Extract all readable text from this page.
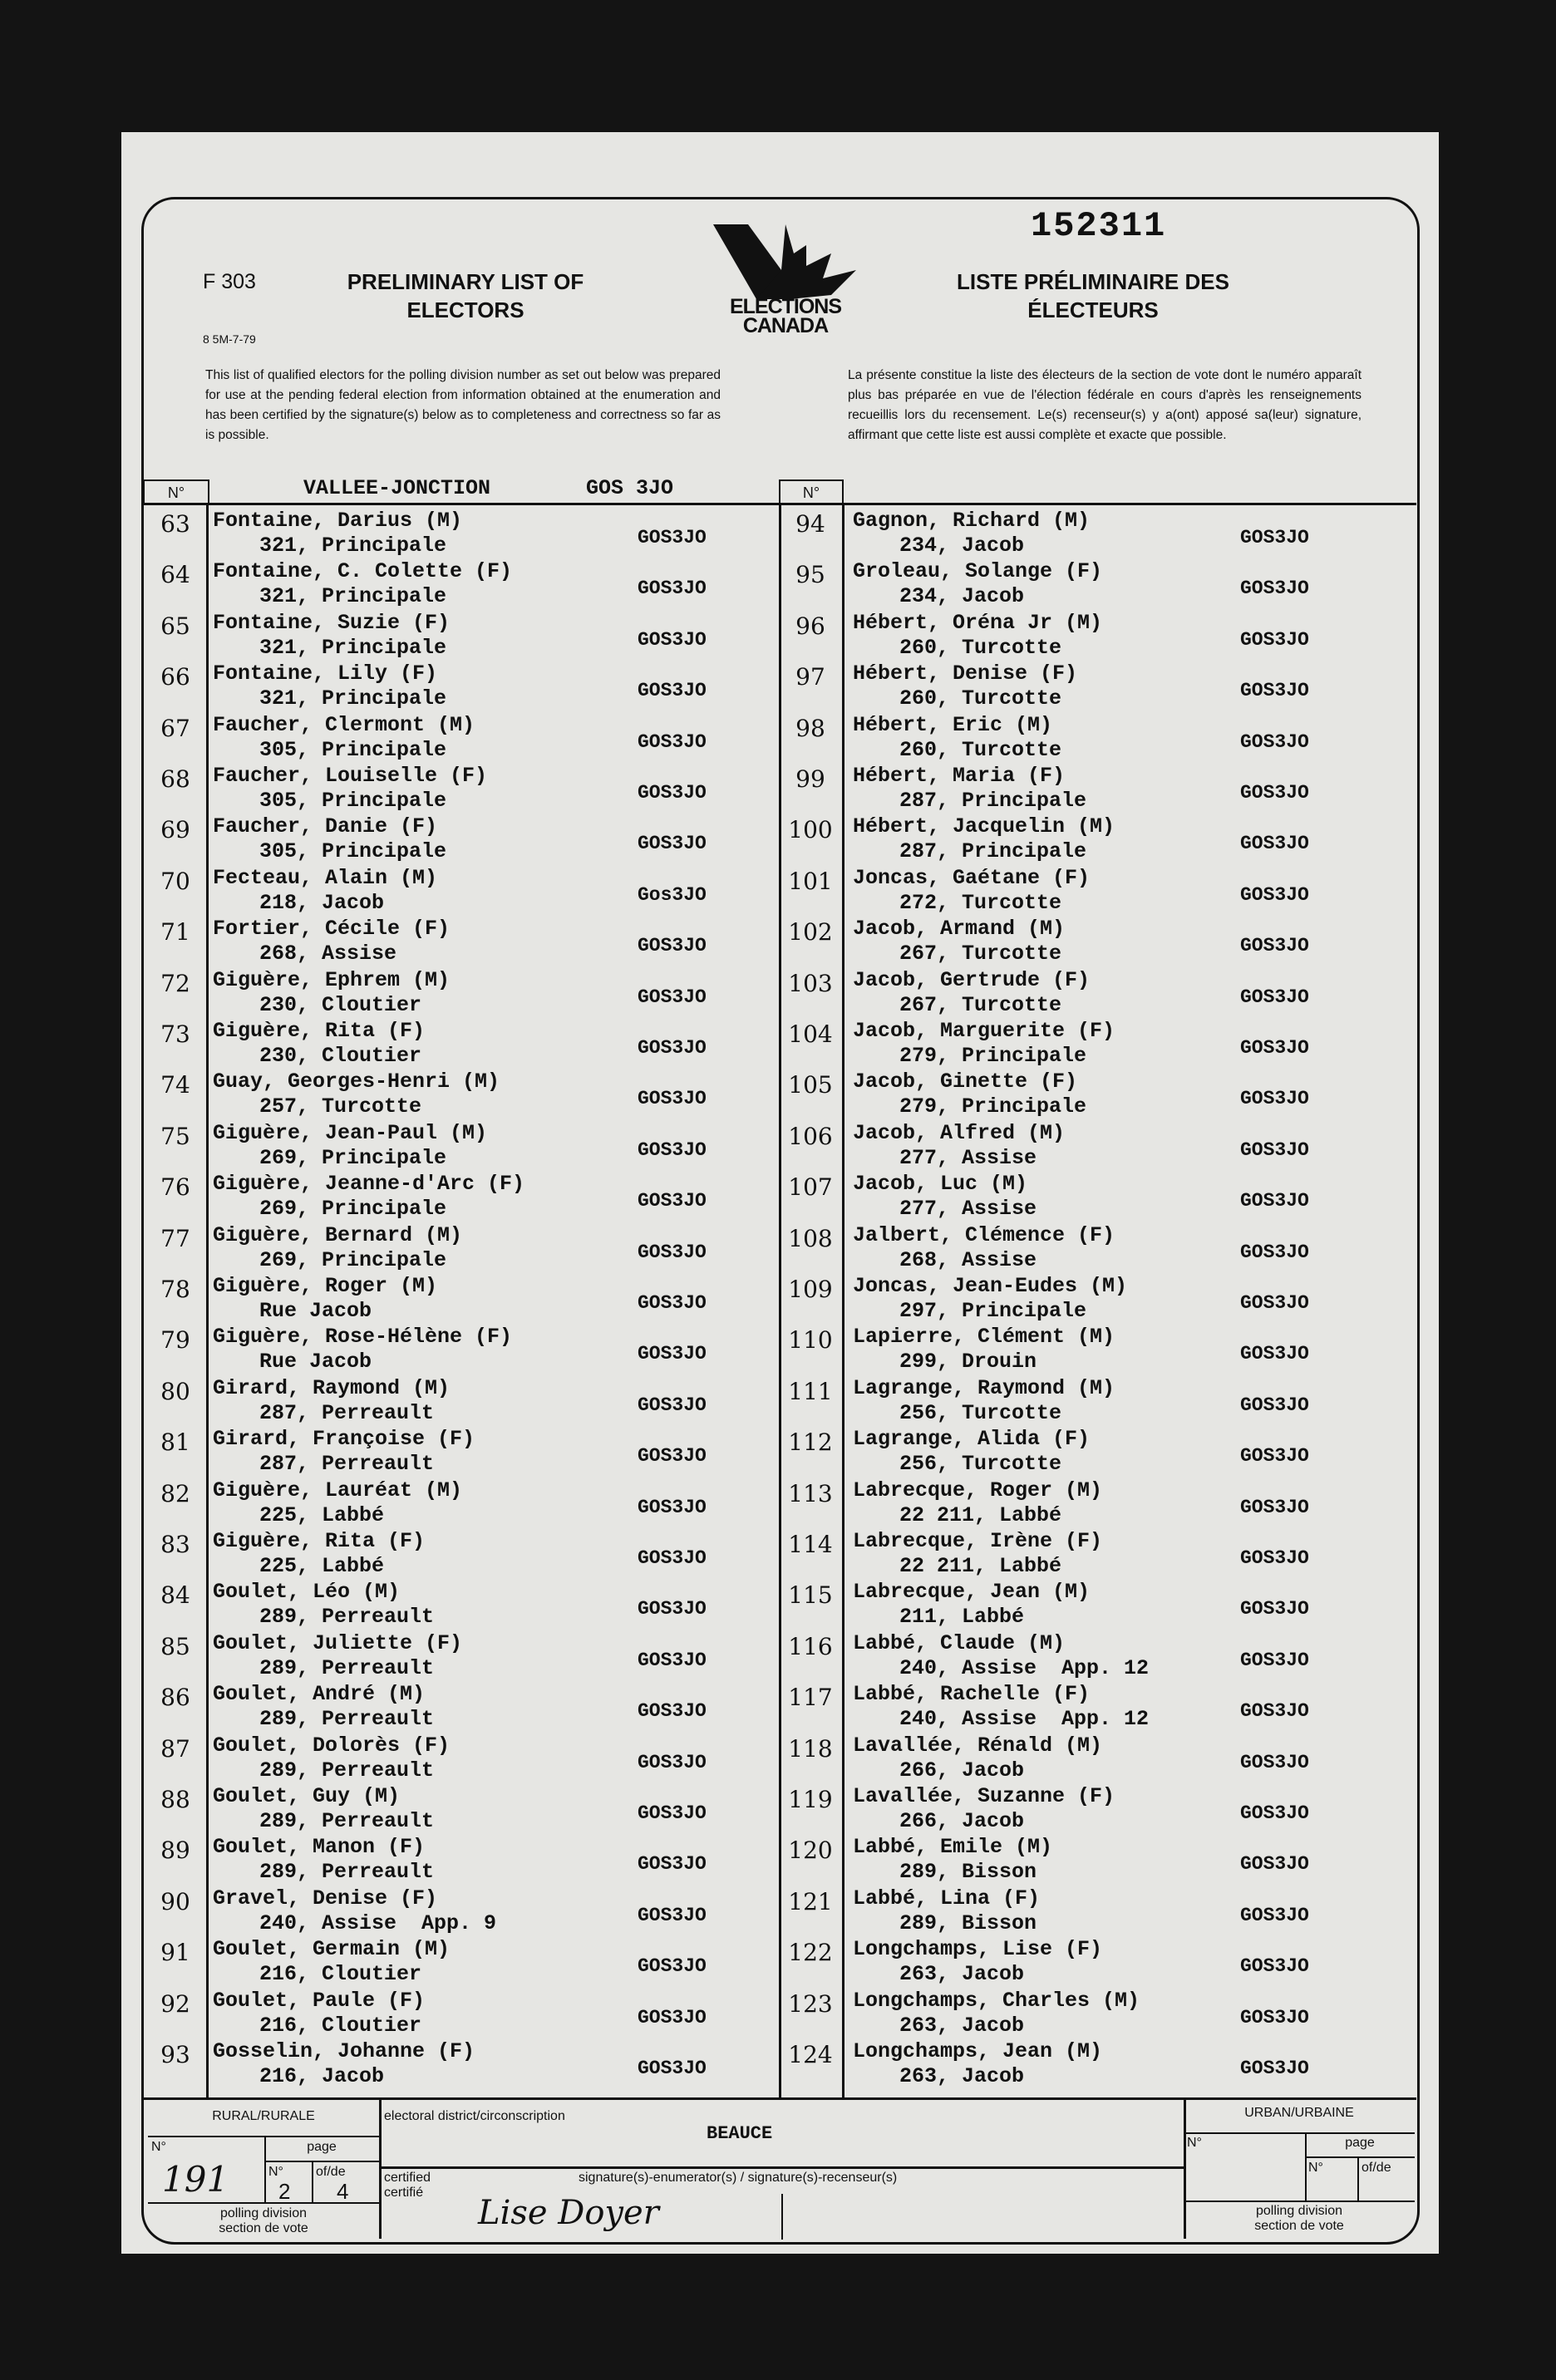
F 303
8 5M-7-79
PRELIMINARY LIST OF ELECTORS
LISTE PRÉLIMINAIRE DES ÉLECTEURS
152311
ELECTIONS
CANADA
This list of qualified electors for the polling division number as set out below was prepared for use at the pending federal election from information obtained at the enumeration and has been certified by the signature(s) below as to completeness and correctness so far as is possible.
La présente constitue la liste des électeurs de la section de vote dont le numéro apparaît plus bas préparée en vue de l'élection fédérale en cours d'après les renseignements recueillis lors du recensement. Le(s) recenseur(s) y a(ont) apposé sa(leur) signature, affirmant que cette liste est aussi complète et exacte que possible.
N°	N°
VALLEE-JONCTION	GOS 3JO
63	Fontaine, Darius (M)
321, Principale	GOS3JO
64	Fontaine, C. Colette (F)
321, Principale	GOS3JO
65	Fontaine, Suzie (F)
321, Principale	GOS3JO
66	Fontaine, Lily (F)
321, Principale	GOS3JO
67	Faucher, Clermont (M)
305, Principale	GOS3JO
68	Faucher, Louiselle (F)
305, Principale	GOS3JO
69	Faucher, Danie (F)
305, Principale	GOS3JO
70	Fecteau, Alain (M)
218, Jacob	Gos3JO
71	Fortier, Cécile (F)
268, Assise	GOS3JO
72	Giguère, Ephrem (M)
230, Cloutier	GOS3JO
73	Giguère, Rita (F)
230, Cloutier	GOS3JO
74	Guay, Georges-Henri (M)
257, Turcotte	GOS3JO
75	Giguère, Jean-Paul (M)
269, Principale	GOS3JO
76	Giguère, Jeanne-d'Arc (F)
269, Principale	GOS3JO
77	Giguère, Bernard (M)
269, Principale	GOS3JO
78	Giguère, Roger (M)
Rue Jacob	GOS3JO
79	Giguère, Rose-Hélène (F)
Rue Jacob	GOS3JO
80	Girard, Raymond (M)
287, Perreault	GOS3JO
81	Girard, Françoise (F)
287, Perreault	GOS3JO
82	Giguère, Lauréat (M)
225, Labbé	GOS3JO
83	Giguère, Rita (F)
225, Labbé	GOS3JO
84	Goulet, Léo (M)
289, Perreault	GOS3JO
85	Goulet, Juliette (F)
289, Perreault	GOS3JO
86	Goulet, André (M)
289, Perreault	GOS3JO
87	Goulet, Dolorès (F)
289, Perreault	GOS3JO
88	Goulet, Guy (M)
289, Perreault	GOS3JO
89	Goulet, Manon (F)
289, Perreault	GOS3JO
90	Gravel, Denise (F)
240, Assise  App. 9	GOS3JO
91	Goulet, Germain (M)
216, Cloutier	GOS3JO
92	Goulet, Paule (F)
216, Cloutier	GOS3JO
93	Gosselin, Johanne (F)
216, Jacob	GOS3JO
94	Gagnon, Richard (M)
234, Jacob	GOS3JO
95	Groleau, Solange (F)
234, Jacob	GOS3JO
96	Hébert, Oréna Jr (M)
260, Turcotte	GOS3JO
97	Hébert, Denise (F)
260, Turcotte	GOS3JO
98	Hébert, Eric (M)
260, Turcotte	GOS3JO
99	Hébert, Maria (F)
287, Principale	GOS3JO
100 Hébert, Jacquelin (M)
287, Principale	GOS3JO
101 Joncas, Gaétane (F)
272, Turcotte	GOS3JO
102 Jacob, Armand (M)
267, Turcotte	GOS3JO
103 Jacob, Gertrude (F)
267, Turcotte	GOS3JO
104 Jacob, Marguerite (F)
279, Principale	GOS3JO
105 Jacob, Ginette (F)
279, Principale	GOS3JO
106 Jacob, Alfred (M)
277, Assise	GOS3JO
107 Jacob, Luc (M)
277, Assise	GOS3JO
108 Jalbert, Clémence (F)
268, Assise	GOS3JO
109 Joncas, Jean-Eudes (M)
297, Principale	GOS3JO
110 Lapierre, Clément (M)
299, Drouin	GOS3JO
111 Lagrange, Raymond (M)
256, Turcotte	GOS3JO
112 Lagrange, Alida (F)
256, Turcotte	GOS3JO
113 Labrecque, Roger (M)
22 211, Labbé	GOS3JO
114 Labrecque, Irène (F)
22 211, Labbé	GOS3JO
115 Labrecque, Jean (M)
211, Labbé	GOS3JO
116 Labbé, Claude (M)
240, Assise  App. 12	GOS3JO
117 Labbé, Rachelle (F)
240, Assise  App. 12	GOS3JO
118 Lavallée, Rénald (M)
266, Jacob	GOS3JO
119 Lavallée, Suzanne (F)
266, Jacob	GOS3JO
120 Labbé, Emile (M)
289, Bisson	GOS3JO
121 Labbé, Lina (F)
289, Bisson	GOS3JO
122 Longchamps, Lise (F)
263, Jacob	GOS3JO
123 Longchamps, Charles (M)
263, Jacob	GOS3JO
124 Longchamps, Jean (M)
263, Jacob	GOS3JO
RURAL/RURALE
N°	page
N° of/de
191 2 4
polling division
section de vote
electoral district/circonscription
BEAUCE
certified
certifié
signature(s)-enumerator(s) / signature(s)-recenseur(s)
Lise Doyer
URBAN/URBAINE
N°	page
N°	of/de
polling division
section de vote
